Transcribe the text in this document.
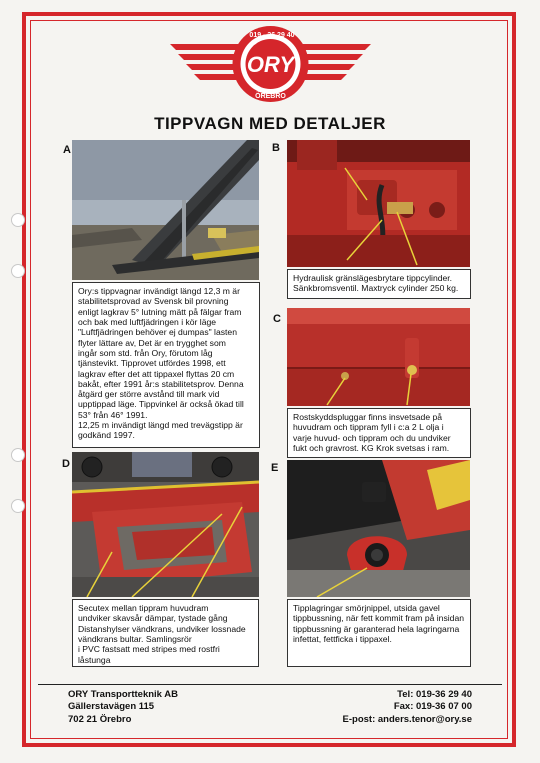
ORY
019 - 36 29 40
ÖREBRO
TIPPVAGN MED DETALJER
A	B
C
D	E

Ory:s tippvagnar invändigt längd 12,3 m är

stabilitetsprovad av Svensk bil provning

enligt lagkrav 5° lutning mätt på fälgar fram

och bak med luftfjädringen i kör läge

"Luftfjädringen behöver ej dumpas" lasten

flyter lättare av, Det är en trygghet som

ingår som std. från Ory, förutom låg

tjänstevikt. Tipprovet utfördes 1998, ett

lagkrav efter det att tippaxel flyttas 20 cm

bakåt, efter 1991 år:s stabilitetsprov. Denna

åtgärd ger större avstånd till mark vid

upptippad läge. Tippvinkel är också ökad till

53° från 46° 1991.

12,25 m invändigt längd med trevägstipp är

godkänd 1997.

Hydraulisk gränslägesbrytare tippcylinder.

Sänkbromsventil. Maxtryck cylinder 250 kg.

Rostskyddspluggar finns insvetsade på

huvudram och tippram fyll i c:a 2 L olja i

varje huvud- och tippram och du undviker

fukt och gravrost. KG Krok svetsas i ram.

Secutex mellan tippram huvudram

undviker skavsår dämpar, tystade gång

Distanshylser vändkrans, undviker lossnade

vändkrans bultar. Samlingsrör

i PVC fastsatt med stripes med rostfri

låstunga

Tipplagringar smörjnippel, utsida gavel

tippbussning, när fett kommit fram på insidan

tippbussning är garanterad hela lagringarna

infettat, fettficka i tippaxel.

ORY Transportteknik AB
Gällerstavägen 115
702 21 Örebro
Tel: 019-36 29 40
Fax: 019-36 07 00
E-post: anders.tenor@ory.se
